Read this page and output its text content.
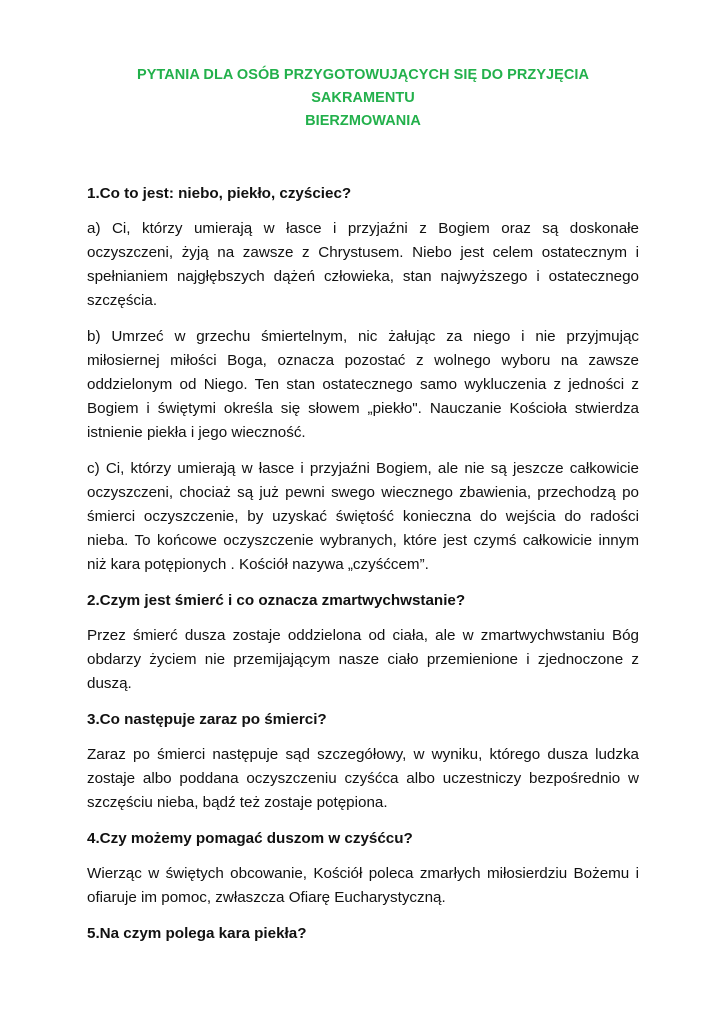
PYTANIA DLA OSÓB PRZYGOTOWUJĄCYCH SIĘ DO PRZYJĘCIA SAKRAMENTU
BIERZMOWANIA
1.Co to jest: niebo, piekło, czyściec?

a) Ci, którzy umierają w łasce i przyjaźni z Bogiem oraz są doskonałe oczyszczeni, żyją na zawsze z Chrystusem. Niebo jest celem ostatecznym i spełnianiem najgłębszych dążeń człowieka, stan najwyższego i ostatecznego szczęścia.

b) Umrzeć w grzechu śmiertelnym, nic żałując za niego i nie przyjmując miłosiernej miłości Boga, oznacza pozostać z wolnego wyboru na zawsze oddzielonym od Niego. Ten stan ostatecznego samo wykluczenia z jedności z Bogiem i świętymi określa się słowem „piekło". Nauczanie Kościoła stwierdza istnienie piekła i jego wieczność.

c) Ci, którzy umierają w łasce i przyjaźni Bogiem, ale nie są jeszcze całkowicie oczyszczeni, chociaż są już pewni swego wiecznego zbawienia, przechodzą po śmierci oczyszczenie, by uzyskać świętość konieczna do wejścia do radości nieba. To końcowe oczyszczenie wybranych, które jest czymś całkowicie innym niż kara potępionych . Kościół nazywa „czyśćcem”.

2.Czym jest śmierć i co oznacza zmartwychwstanie?

Przez śmierć dusza zostaje oddzielona od ciała, ale w zmartwychwstaniu Bóg obdarzy życiem nie przemijającym nasze ciało przemienione i zjednoczone z duszą.

3.Co następuje zaraz po śmierci?

Zaraz po śmierci następuje sąd szczegółowy, w wyniku, którego dusza ludzka zostaje albo poddana oczyszczeniu czyśćca albo uczestniczy bezpośrednio w szczęściu nieba, bądź też zostaje potępiona.

4.Czy możemy pomagać duszom w czyśćcu?

Wierząc w świętych obcowanie, Kościół poleca zmarłych miłosierdziu Bożemu i ofiaruje im pomoc, zwłaszcza Ofiarę Eucharystyczną.

5.Na czym polega kara piekła?
